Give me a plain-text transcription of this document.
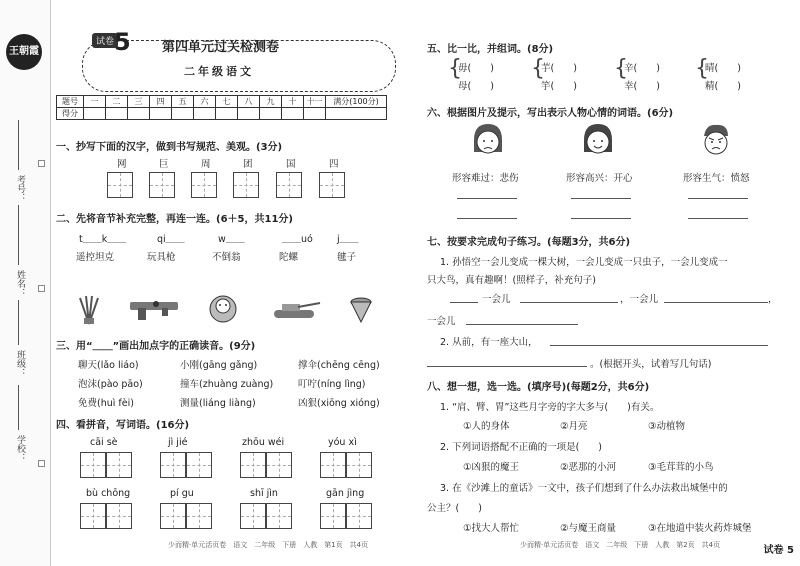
王朝霞
考号：
姓名：
班级：
学校：
试卷 5 第四单元过关检测卷
二年级语文
题号	一	二	三	四	五	六	七	八	九	十	十一	满分(100分)
得分												
一、抄写下面的汉字，做到书写规范、美观。(3分)
网	巨	周	团	国	四
二、先将音节补充完整，再连一连。(6＋5，共11分)
t＿＿k＿＿	qi＿＿	w＿＿	＿＿uó	j＿＿
遥控坦克	玩具枪	不倒翁	陀螺	毽子
三、用“＿＿”画出加点字的正确读音。(9分)
聊天(lǎo liáo)	小刚(gāng gǎng)	撑伞(chēng cēng)
泡沫(pào pāo)	撞车(zhuàng zuàng)	叮咛(níng lìng)
免费(huì fèi)	测量(liáng liàng)	凶狠(xiōng xióng)
四、看拼音，写词语。(16分)
cāi sè	jì jié	zhōu wéi	yóu xì
bù chōng	pí gu	shī jìn	gān jìng
少而精·单元活页卷　语文　二年级　下册　人教　第1页　共4页
五、比一比，并组词。(8分)
{
毋(　　)
母(　　)
{
芋(　　)
竽(　　)
{
辛(　　)
幸(　　)
{
晴(　　)
精(　　)
六、根据图片及提示，写出表示人物心情的词语。(6分)
形容难过：悲伤	形容高兴：开心	形容生气：愤怒
七、按要求完成句子练习。(每题3分，共6分)
1. 孙悟空一会儿变成一棵大树，一会儿变成一只虫子，一会儿变成一
只大鸟，真有趣啊！(照样子，补充句子)
一会儿	，一会儿	，
一会儿
2. 从前，有一座大山，
。(根据开头，试着写几句话)
八、想一想，选一选。(填序号)(每题2分，共6分)
1. “肩、臂、胃”这些月字旁的字大多与(　　)有关。
①人的身体	②月亮	③动植物
2. 下列词语搭配不正确的一项是(　　)
①凶狠的魔王	②恶那的小河	③毛茸茸的小鸟
3. 在《沙滩上的童话》一文中，孩子们想到了什么办法救出城堡中的
公主？(　　)
①找大人帮忙	②与魔王商量	③在地道中装火药炸城堡
少而精·单元活页卷　语文　二年级　下册　人教　第2页　共4页	试卷 5
